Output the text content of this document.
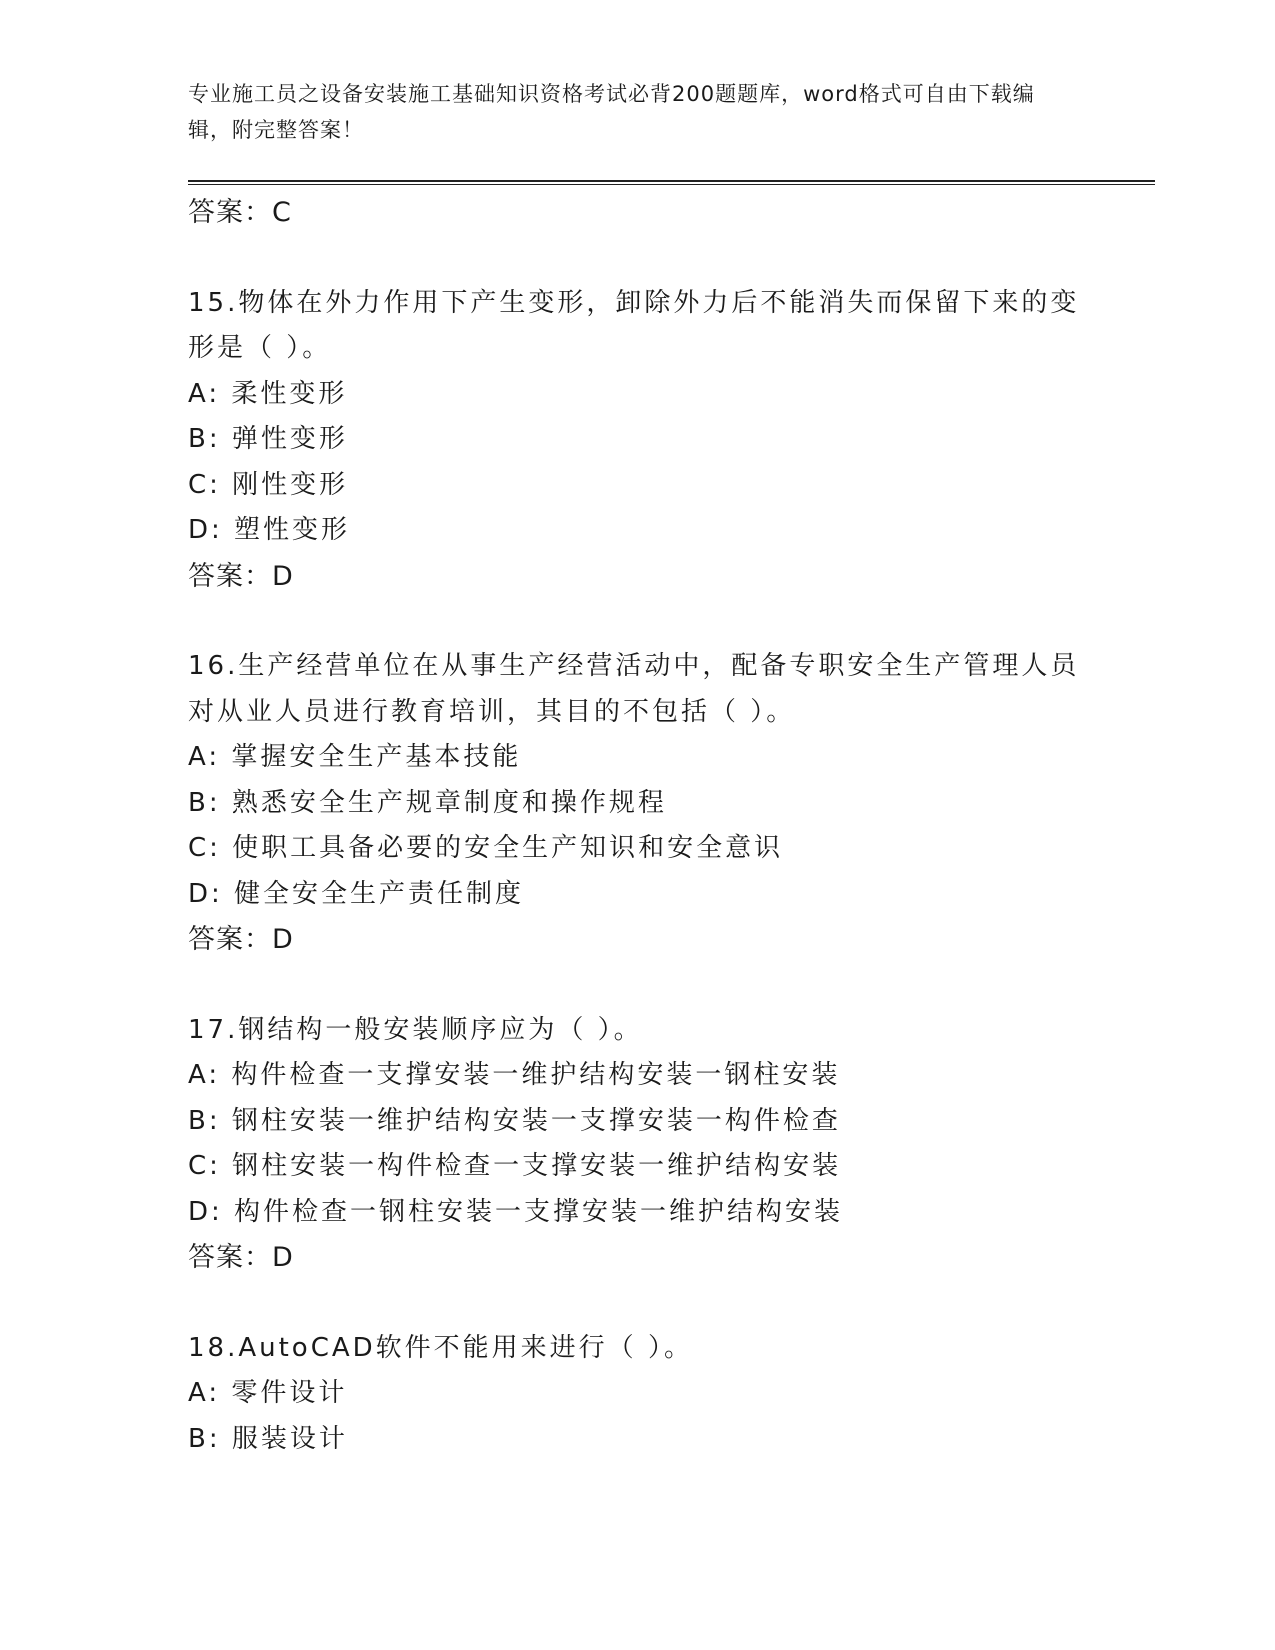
专业施工员之设备安装施工基础知识资格考试必背200题题库，word格式可自由下载编辑，附完整答案！
答案：C
15.物体在外力作用下产生变形，卸除外力后不能消失而保留下来的变形是（ ）。
A: 柔性变形
B: 弹性变形
C: 刚性变形
D: 塑性变形
答案：D
16.生产经营单位在从事生产经营活动中，配备专职安全生产管理人员对从业人员进行教育培训，其目的不包括（ ）。
A: 掌握安全生产基本技能
B: 熟悉安全生产规章制度和操作规程
C: 使职工具备必要的安全生产知识和安全意识
D: 健全安全生产责任制度
答案：D
17.钢结构一般安装顺序应为（ ）。
A: 构件检查一支撑安装一维护结构安装一钢柱安装
B: 钢柱安装一维护结构安装一支撑安装一构件检查
C: 钢柱安装一构件检查一支撑安装一维护结构安装
D: 构件检查一钢柱安装一支撑安装一维护结构安装
答案：D
18.AutoCAD软件不能用来进行（ ）。
A: 零件设计
B: 服装设计
